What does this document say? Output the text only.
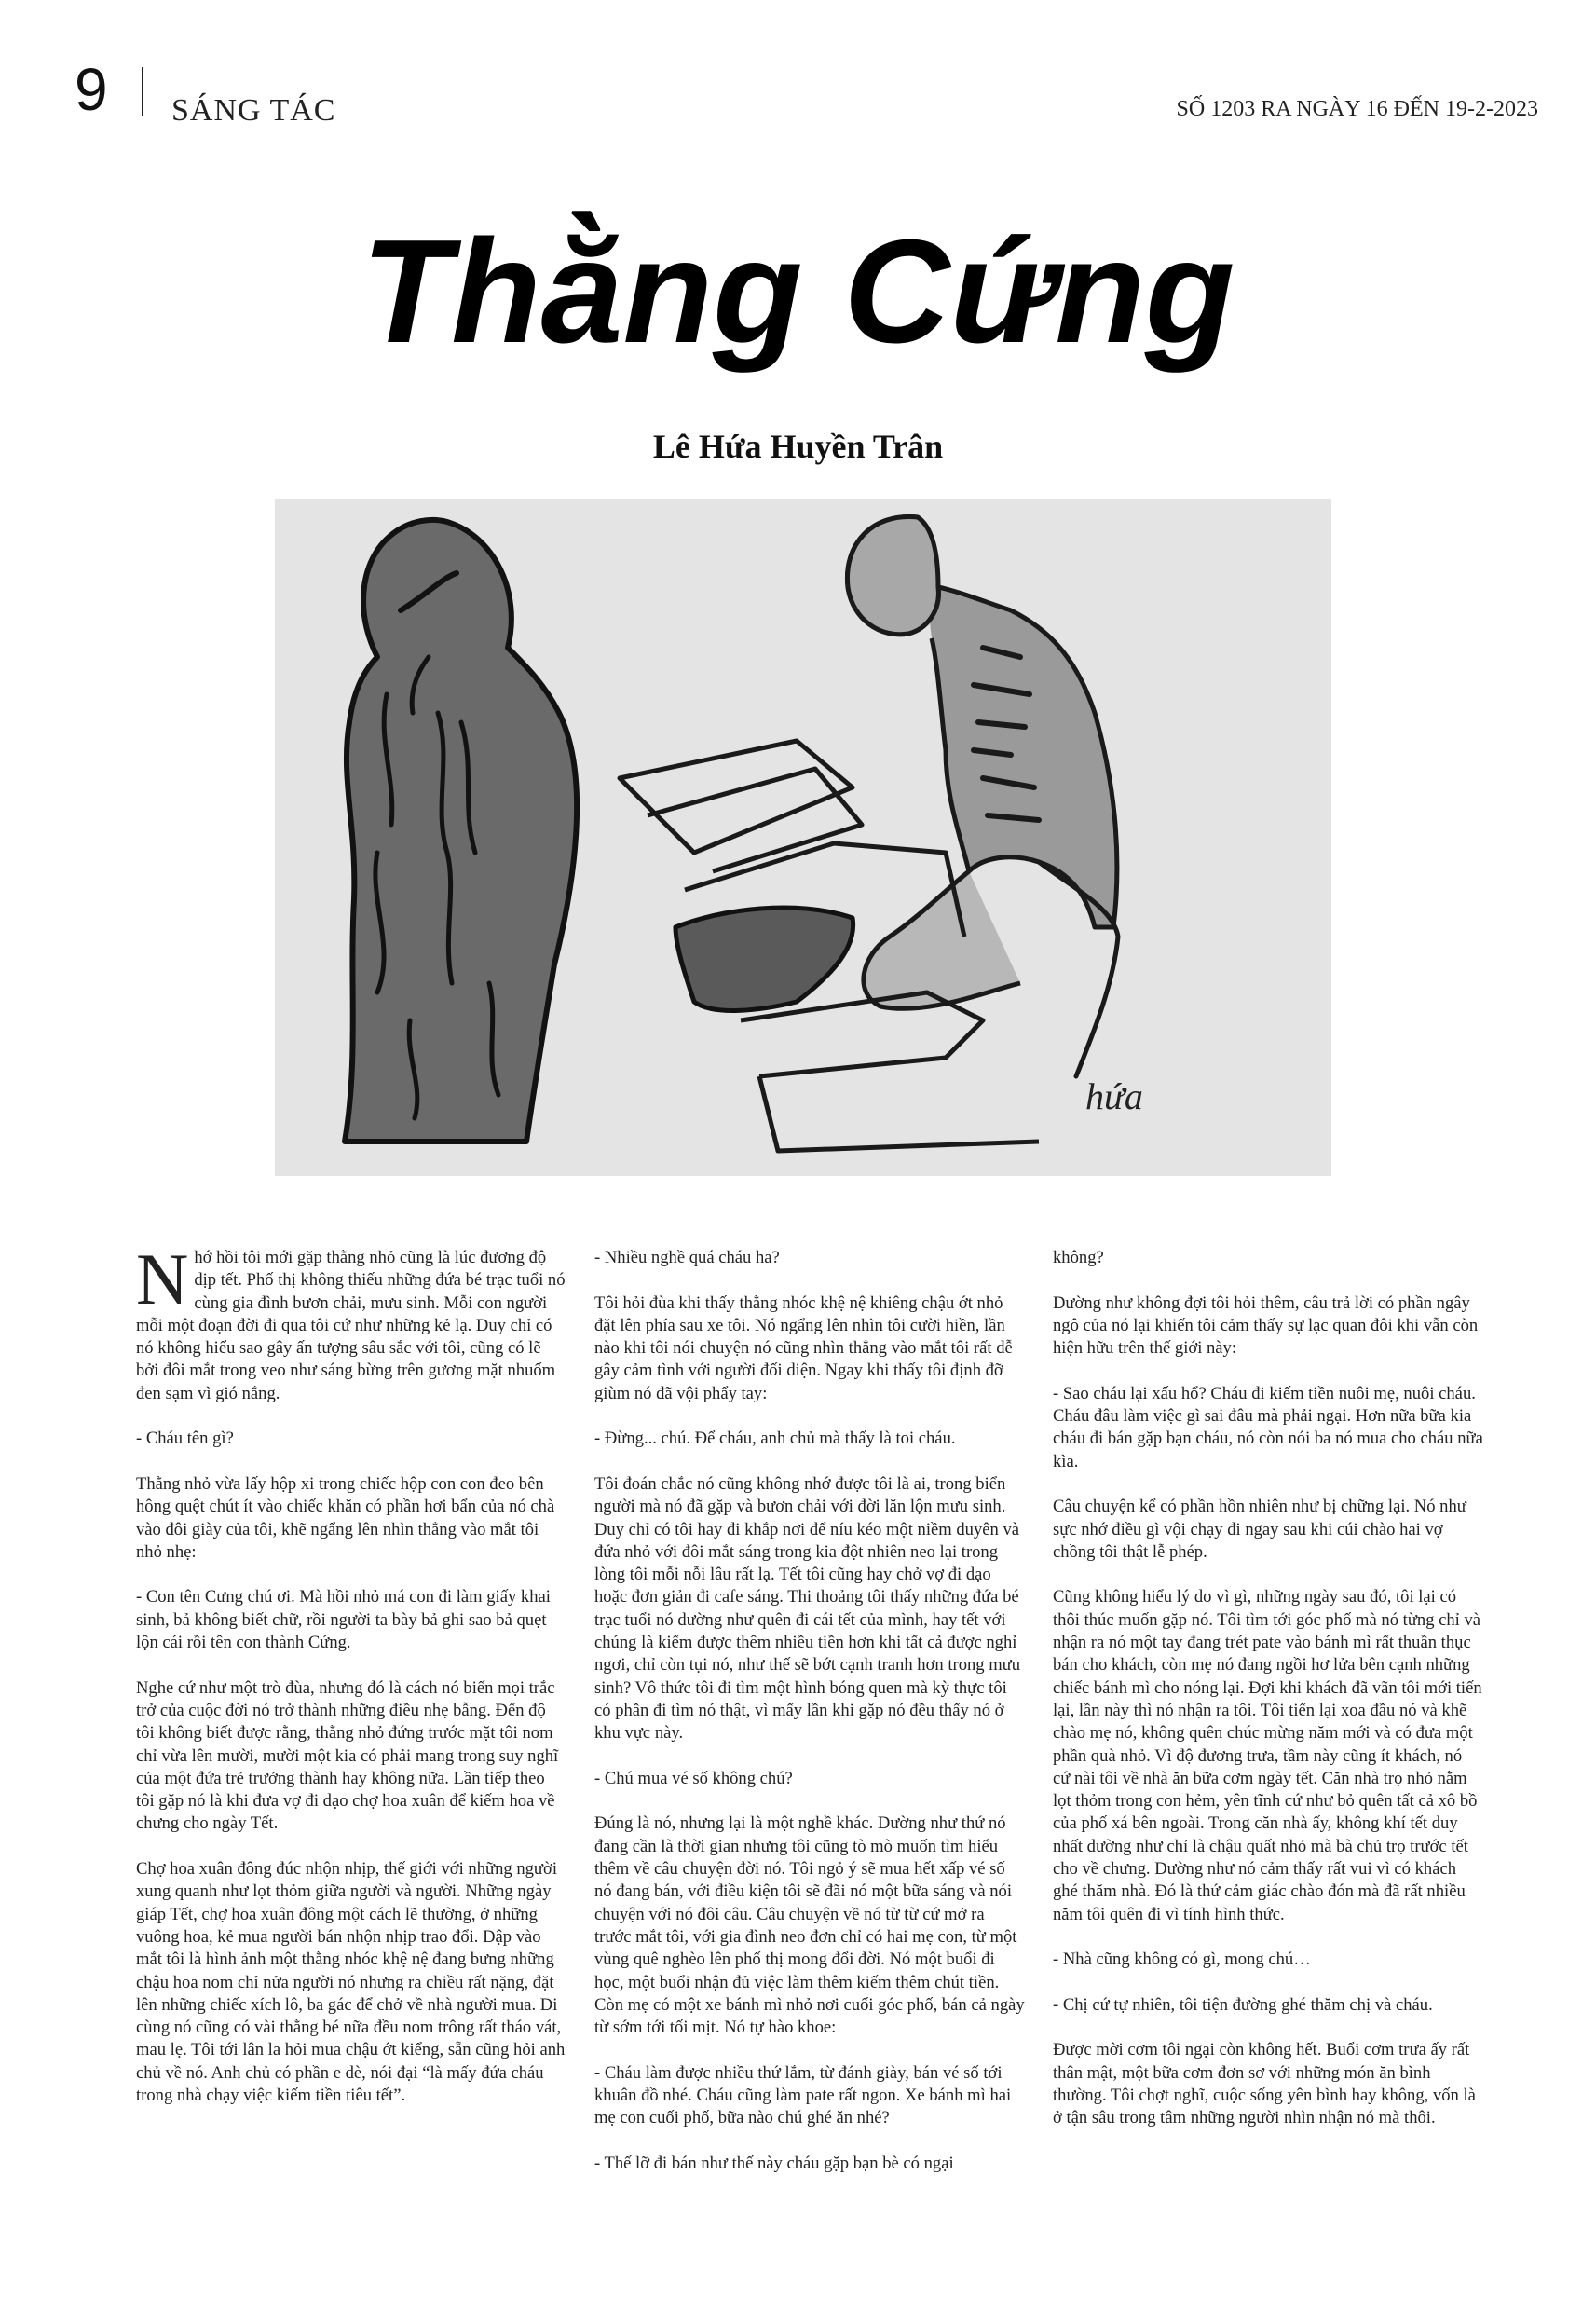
9 SÁNG TÁC	SỐ 1203 RA NGÀY 16 ĐẾN 19-2-2023
Thằng Cứng
Lê Hứa Huyền Trân
hứa

Nhớ hồi tôi mới gặp thằng nhỏ cũng là lúc đương độ dịp tết. Phố thị không thiếu những đứa bé trạc tuổi nó cùng gia đình bươn chải, mưu sinh. Mỗi con người mỗi một đoạn đời đi qua tôi cứ như những kẻ lạ. Duy chỉ có nó không hiểu sao gây ấn tượng sâu sắc với tôi, cũng có lẽ bởi đôi mắt trong veo như sáng bừng trên gương mặt nhuốm đen sạm vì gió nắng.

- Cháu tên gì?

Thằng nhỏ vừa lấy hộp xi trong chiếc hộp con con đeo bên hông quệt chút ít vào chiếc khăn có phần hơi bẩn của nó chà vào đôi giày của tôi, khẽ ngẩng lên nhìn thẳng vào mắt tôi nhỏ nhẹ:

- Con tên Cưng chú ơi. Mà hồi nhỏ má con đi làm giấy khai sinh, bả không biết chữ, rồi người ta bày bả ghi sao bả quẹt lộn cái rồi tên con thành Cứng.

Nghe cứ như một trò đùa, nhưng đó là cách nó biến mọi trắc trở của cuộc đời nó trở thành những điều nhẹ bẫng. Đến độ tôi không biết được rằng, thằng nhỏ đứng trước mặt tôi nom chỉ vừa lên mười, mười một kia có phải mang trong suy nghĩ của một đứa trẻ trưởng thành hay không nữa. Lần tiếp theo tôi gặp nó là khi đưa vợ đi dạo chợ hoa xuân để kiếm hoa về chưng cho ngày Tết.

Chợ hoa xuân đông đúc nhộn nhịp, thế giới với những người xung quanh như lọt thỏm giữa người và người. Những ngày giáp Tết, chợ hoa xuân đông một cách lẽ thường, ở những vuông hoa, kẻ mua người bán nhộn nhịp trao đổi. Đập vào mắt tôi là hình ảnh một thằng nhóc khệ nệ đang bưng những chậu hoa nom chỉ nửa người nó nhưng ra chiều rất nặng, đặt lên những chiếc xích lô, ba gác để chở về nhà người mua. Đi cùng nó cũng có vài thằng bé nữa đều nom trông rất tháo vát, mau lẹ. Tôi tới lân la hỏi mua chậu ớt kiểng, sẵn cũng hỏi anh chủ về nó. Anh chủ có phần e dè, nói đại “là mấy đứa cháu trong nhà chạy việc kiếm tiền tiêu tết”.

- Nhiều nghề quá cháu ha?

Tôi hỏi đùa khi thấy thằng nhóc khệ nệ khiêng chậu ớt nhỏ đặt lên phía sau xe tôi. Nó ngẩng lên nhìn tôi cười hiền, lần nào khi tôi nói chuyện nó cũng nhìn thẳng vào mắt tôi rất dễ gây cảm tình với người đối diện. Ngay khi thấy tôi định đỡ giùm nó đã vội phẩy tay:

- Đừng... chú. Để cháu, anh chủ mà thấy là toi cháu.

Tôi đoán chắc nó cũng không nhớ được tôi là ai, trong biển người mà nó đã gặp và bươn chải với đời lăn lộn mưu sinh. Duy chỉ có tôi hay đi khắp nơi để níu kéo một niềm duyên và đứa nhỏ với đôi mắt sáng trong kia đột nhiên neo lại trong lòng tôi mỗi nỗi lâu rất lạ. Tết tôi cũng hay chở vợ đi dạo hoặc đơn giản đi cafe sáng. Thi thoảng tôi thấy những đứa bé trạc tuổi nó dường như quên đi cái tết của mình, hay tết với chúng là kiếm được thêm nhiều tiền hơn khi tất cả được nghỉ ngơi, chỉ còn tụi nó, như thế sẽ bớt cạnh tranh hơn trong mưu sinh? Vô thức tôi đi tìm một hình bóng quen mà kỳ thực tôi có phần đi tìm nó thật, vì mấy lần khi gặp nó đều thấy nó ở khu vực này.

- Chú mua vé số không chú?

Đúng là nó, nhưng lại là một nghề khác. Dường như thứ nó đang cần là thời gian nhưng tôi cũng tò mò muốn tìm hiểu thêm về câu chuyện đời nó. Tôi ngỏ ý sẽ mua hết xấp vé số nó đang bán, với điều kiện tôi sẽ đãi nó một bữa sáng và nói chuyện với nó đôi câu. Câu chuyện về nó từ từ cứ mở ra trước mắt tôi, với gia đình neo đơn chỉ có hai mẹ con, từ một vùng quê nghèo lên phố thị mong đổi đời. Nó một buổi đi học, một buổi nhận đủ việc làm thêm kiếm thêm chút tiền. Còn mẹ có một xe bánh mì nhỏ nơi cuối góc phố, bán cả ngày từ sớm tới tối mịt. Nó tự hào khoe:

- Cháu làm được nhiều thứ lắm, từ đánh giày, bán vé số tới khuân đồ nhé. Cháu cũng làm pate rất ngon. Xe bánh mì hai mẹ con cuối phố, bữa nào chú ghé ăn nhé?

- Thế lỡ đi bán như thế này cháu gặp bạn bè có ngại

không?

Dường như không đợi tôi hỏi thêm, câu trả lời có phần ngây ngô của nó lại khiến tôi cảm thấy sự lạc quan đôi khi vẫn còn hiện hữu trên thế giới này:

- Sao cháu lại xấu hổ? Cháu đi kiếm tiền nuôi mẹ, nuôi cháu. Cháu đâu làm việc gì sai đâu mà phải ngại. Hơn nữa bữa kia cháu đi bán gặp bạn cháu, nó còn nói ba nó mua cho cháu nữa kìa.

Câu chuyện kể có phần hồn nhiên như bị chững lại. Nó như sực nhớ điều gì vội chạy đi ngay sau khi cúi chào hai vợ chồng tôi thật lễ phép.

Cũng không hiểu lý do vì gì, những ngày sau đó, tôi lại có thôi thúc muốn gặp nó. Tôi tìm tới góc phố mà nó từng chỉ và nhận ra nó một tay đang trét pate vào bánh mì rất thuần thục bán cho khách, còn mẹ nó đang ngồi hơ lửa bên cạnh những chiếc bánh mì cho nóng lại. Đợi khi khách đã vãn tôi mới tiến lại, lần này thì nó nhận ra tôi. Tôi tiến lại xoa đầu nó và khẽ chào mẹ nó, không quên chúc mừng năm mới và có đưa một phần quà nhỏ. Vì độ đương trưa, tầm này cũng ít khách, nó cứ nài tôi về nhà ăn bữa cơm ngày tết. Căn nhà trọ nhỏ nằm lọt thỏm trong con hẻm, yên tĩnh cứ như bỏ quên tất cả xô bồ của phố xá bên ngoài. Trong căn nhà ấy, không khí tết duy nhất dường như chỉ là chậu quất nhỏ mà bà chủ trọ trước tết cho về chưng. Dường như nó cảm thấy rất vui vì có khách ghé thăm nhà. Đó là thứ cảm giác chào đón mà đã rất nhiều năm tôi quên đi vì tính hình thức.

- Nhà cũng không có gì, mong chú…

- Chị cứ tự nhiên, tôi tiện đường ghé thăm chị và cháu.

Được mời cơm tôi ngại còn không hết. Buổi cơm trưa ấy rất thân mật, một bữa cơm đơn sơ với những món ăn bình thường. Tôi chợt nghĩ, cuộc sống yên bình hay không, vốn là ở tận sâu trong tâm những người nhìn nhận nó mà thôi.
